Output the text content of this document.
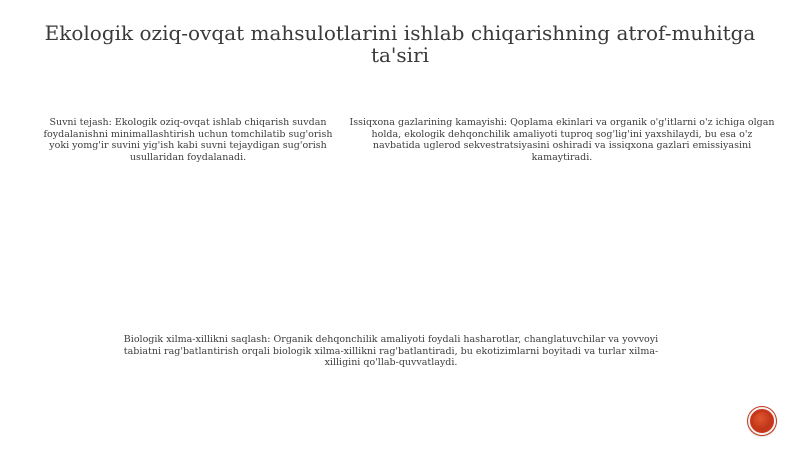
Ekologik oziq-ovqat mahsulotlarini ishlab chiqarishning atrof-muhitga ta'siri
Suvni tejash: Ekologik oziq-ovqat ishlab chiqarish suvdan foydalanishni minimallashtirish uchun tomchilatib sug'orish yoki yomg'ir suvini yig'ish kabi suvni tejaydigan sug'orish usullaridan foydalanadi.
Issiqxona gazlarining kamayishi: Qoplama ekinlari va organik o'g'itlarni o'z ichiga olgan holda, ekologik dehqonchilik amaliyoti tuproq sog'lig'ini yaxshilaydi, bu esa o'z navbatida uglerod sekvestratsiyasini oshiradi va issiqxona gazlari emissiyasini kamaytiradi.
Biologik xilma-xillikni saqlash: Organik dehqonchilik amaliyoti foydali hasharotlar, changlatuvchilar va yovvoyi tabiatni rag'batlantirish orqali biologik xilma-xillikni rag'batlantiradi, bu ekotizimlarni boyitadi va turlar xilma-xilligini qo'llab-quvvatlaydi.
